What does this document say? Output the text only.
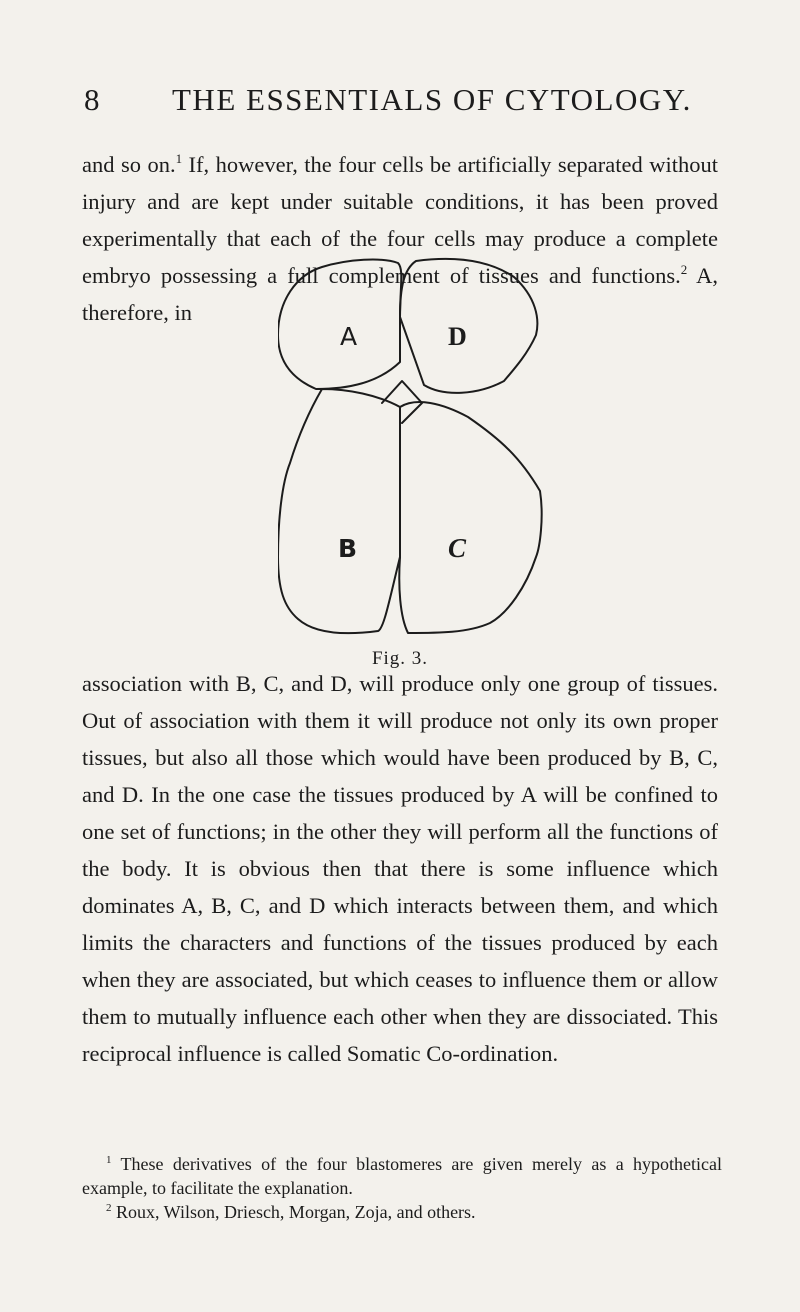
8 THE ESSENTIALS OF CYTOLOGY.

and so on.$^1$ If, however, the four cells be artificially separated without injury and are kept under suitable conditions, it has been proved experimentally that each of the four cells may produce a complete embryo possessing a full complement of tissues and functions.$^2$ A, therefore, in

A	D
B	C
Fig. 3.

association with B, C, and D, will produce only one group of tissues. Out of association with them it will produce not only its own proper tissues, but also all those which would have been produced by B, C, and D. In the one case the tissues produced by A will be confined to one set of functions; in the other they will perform all the functions of the body. It is obvious then that there is some influence which dominates A, B, C, and D which interacts between them, and which limits the characters and functions of the tissues produced by each when they are associated, but which ceases to influence them or allow them to mutually influence each other when they are dissociated. This reciprocal influence is called Somatic Co-ordination.

$^1$ These derivatives of the four blastomeres are given merely as a hypothetical example, to facilitate the explanation.

$^2$ Roux, Wilson, Driesch, Morgan, Zoja, and others.
